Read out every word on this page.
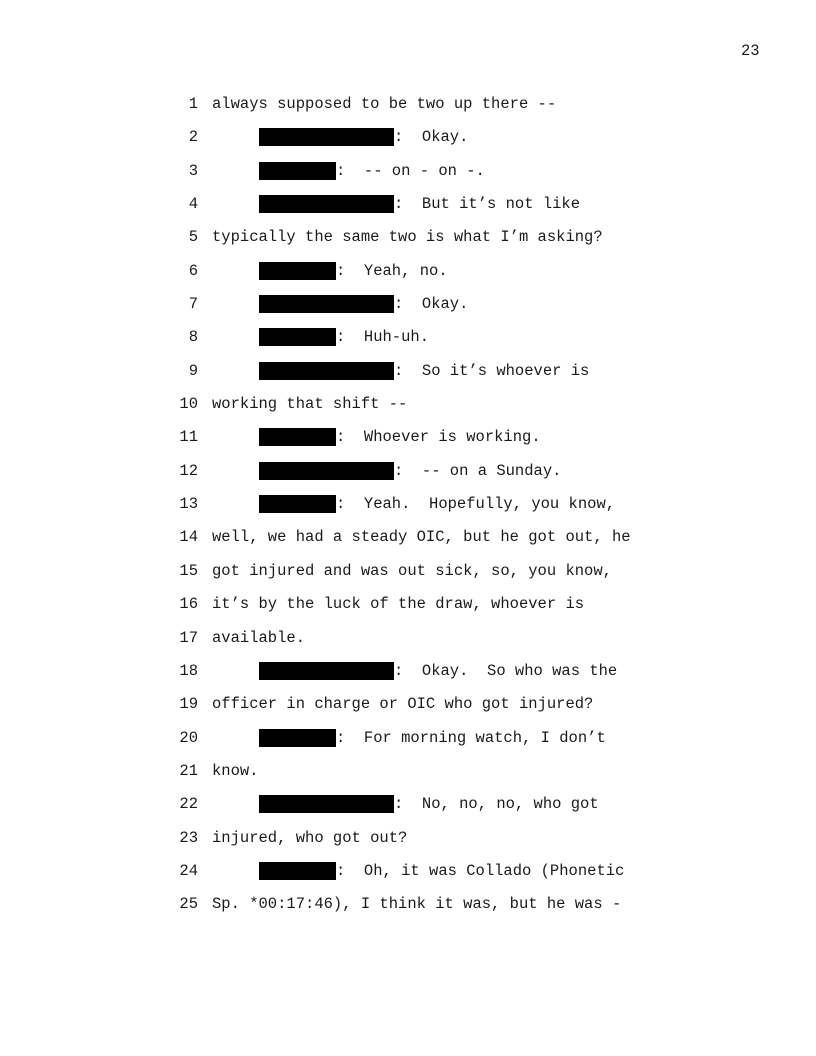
23
1 always supposed to be two up there --
2	: Okay.
3	: -- on - on -.
4	: But it’s not like
5 typically the same two is what I’m asking?
6	: Yeah, no.
7	: Okay.
8	: Huh-uh.
9	: So it’s whoever is
10 working that shift --
11	: Whoever is working.
12	: -- on a Sunday.
13	: Yeah.  Hopefully, you know,
14 well, we had a steady OIC, but he got out, he
15 got injured and was out sick, so, you know,
16 it’s by the luck of the draw, whoever is
17 available.
18	: Okay.  So who was the
19 officer in charge or OIC who got injured?
20	: For morning watch, I don’t
21 know.
22	: No, no, no, who got
23 injured, who got out?
24	: Oh, it was Collado (Phonetic
25 Sp. *00:17:46), I think it was, but he was -
